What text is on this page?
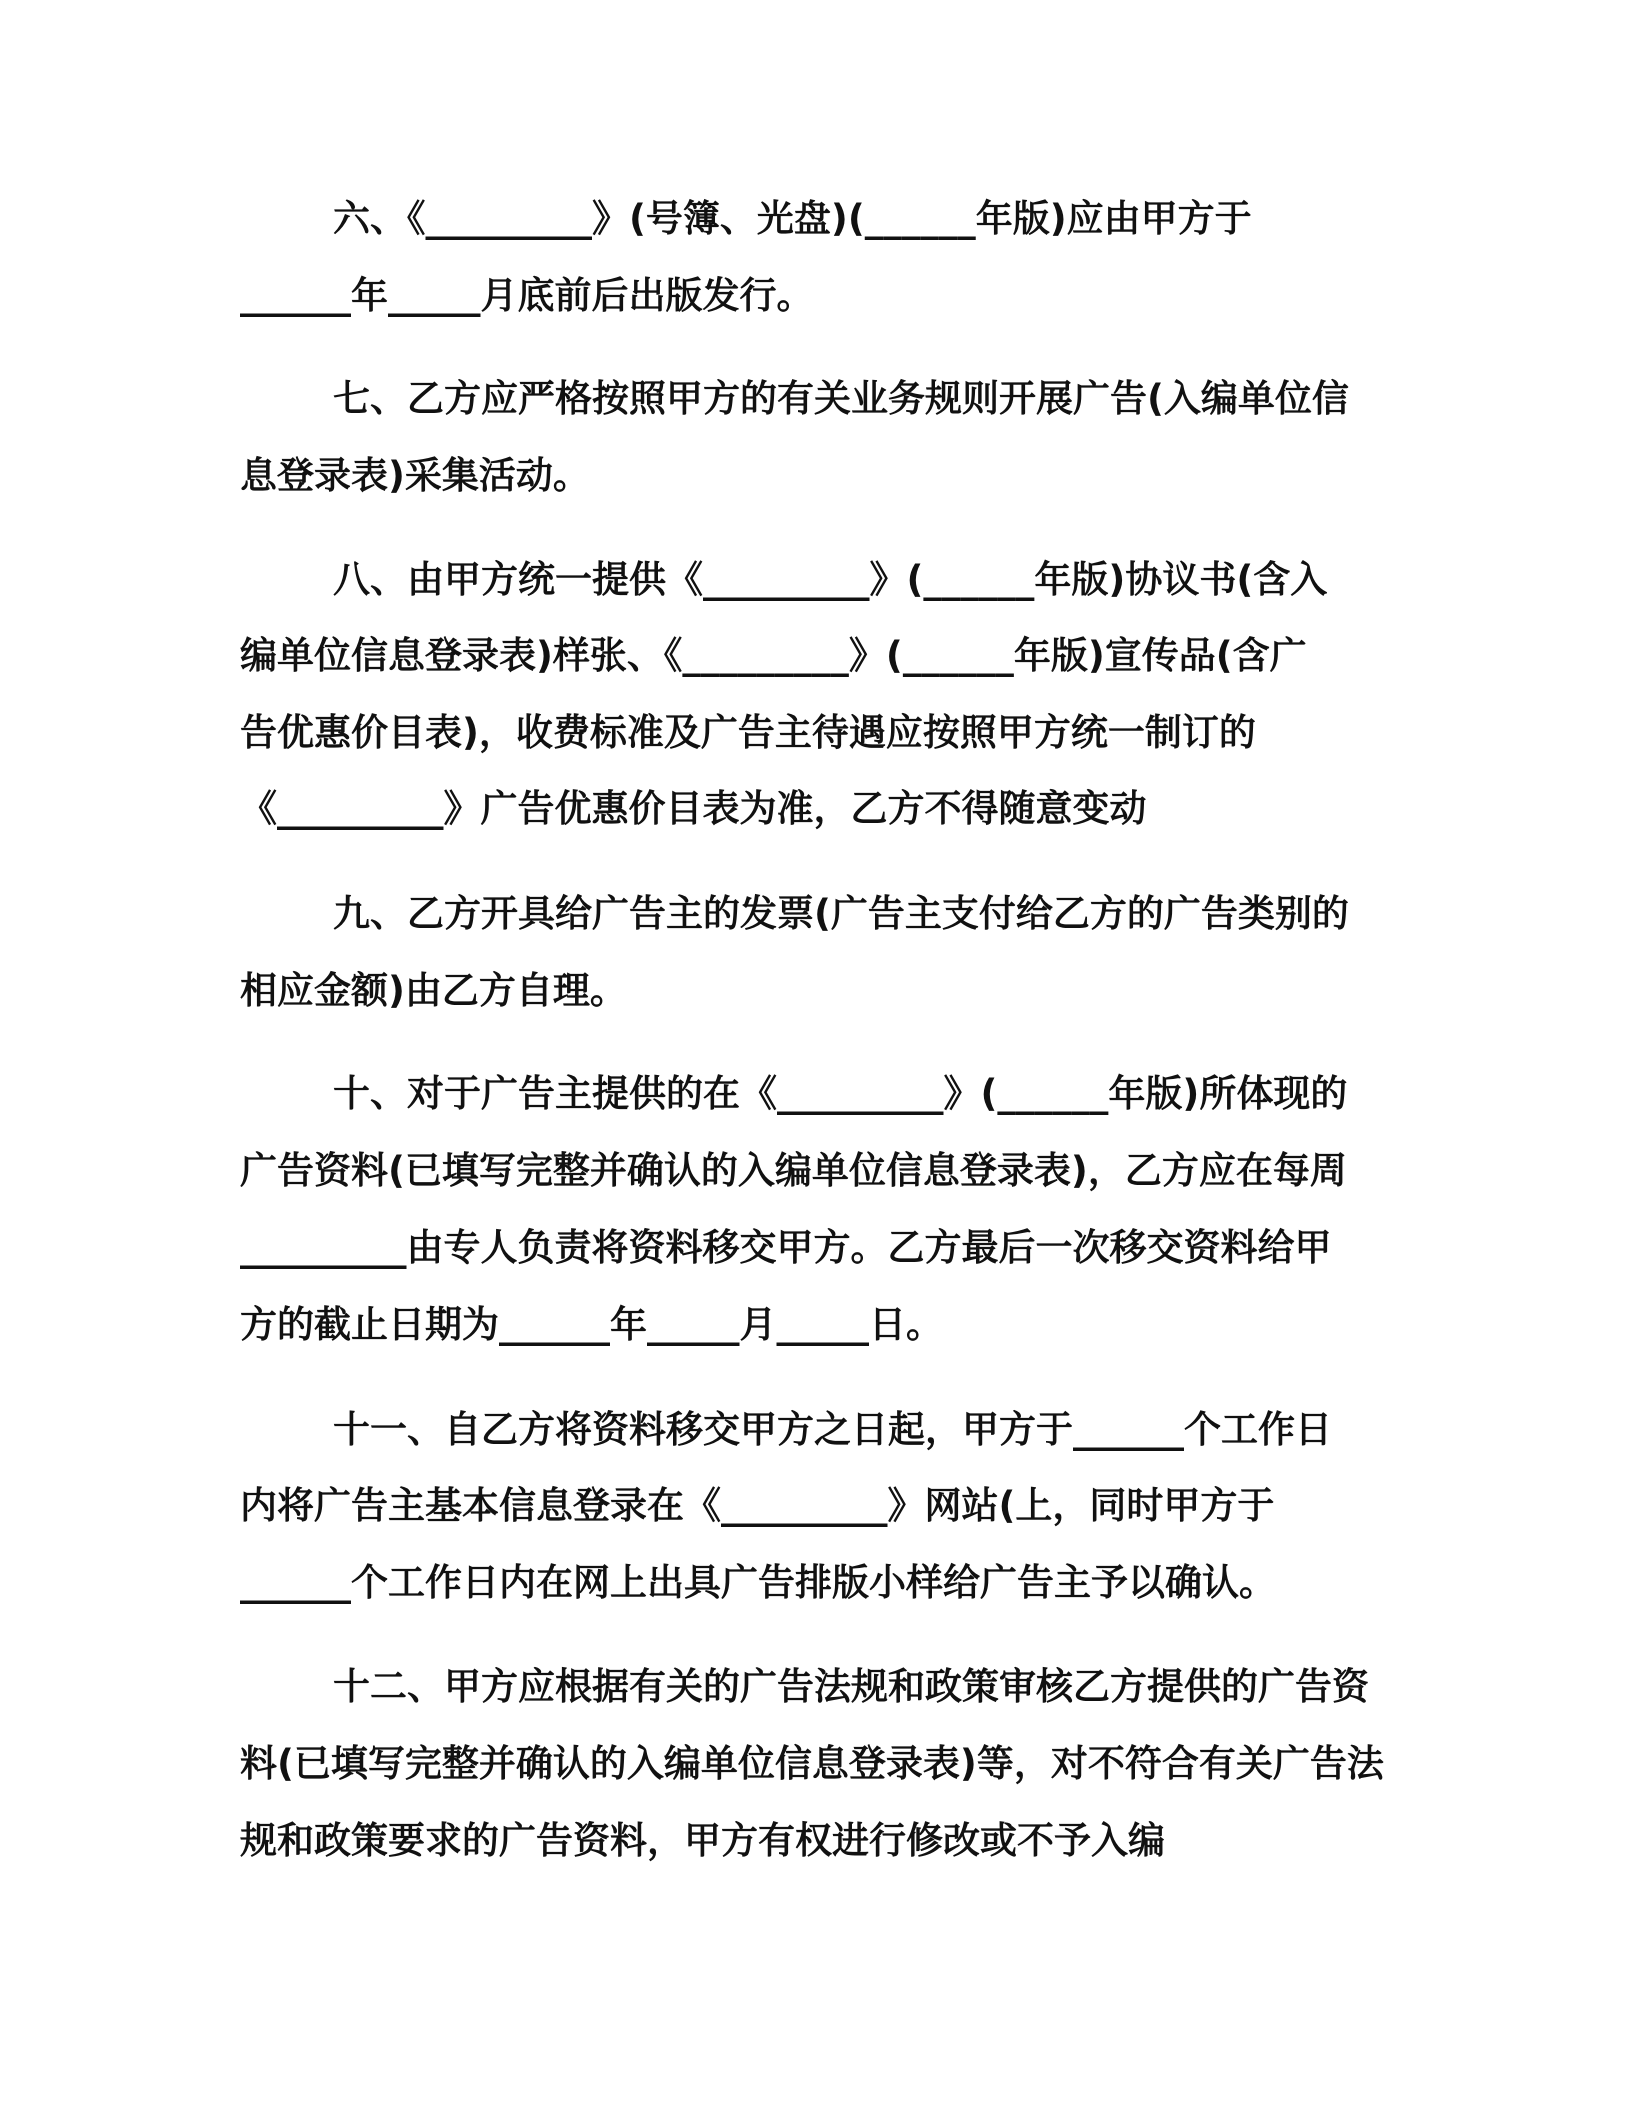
六、《_________》(号簿、光盘)(______年版)应由甲方于
______年_____月底前后出版发行。
七、乙方应严格按照甲方的有关业务规则开展广告(入编单位信
息登录表)采集活动。
八、由甲方统一提供《_________》(______年版)协议书(含入
编单位信息登录表)样张、《_________》(______年版)宣传品(含广
告优惠价目表)，收费标准及广告主待遇应按照甲方统一制订的
《_________》广告优惠价目表为准，乙方不得随意变动
九、乙方开具给广告主的发票(广告主支付给乙方的广告类别的
相应金额)由乙方自理。
十、对于广告主提供的在《_________》(______年版)所体现的
广告资料(已填写完整并确认的入编单位信息登录表)，乙方应在每周
_________由专人负责将资料移交甲方。乙方最后一次移交资料给甲
方的截止日期为______年_____月_____日。
十一、自乙方将资料移交甲方之日起，甲方于______个工作日
内将广告主基本信息登录在《_________》网站(上，同时甲方于
______个工作日内在网上出具广告排版小样给广告主予以确认。
十二、甲方应根据有关的广告法规和政策审核乙方提供的广告资
料(已填写完整并确认的入编单位信息登录表)等，对不符合有关广告法
规和政策要求的广告资料，甲方有权进行修改或不予入编
